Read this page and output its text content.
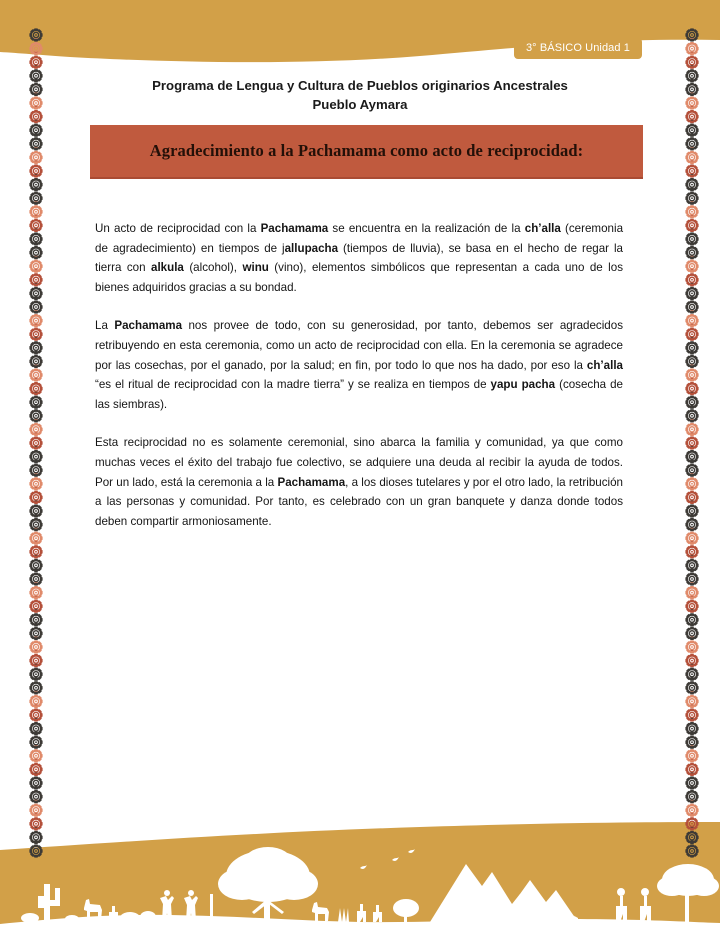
3° BÁSICO Unidad 1
Programa de Lengua y Cultura de Pueblos originarios Ancestrales
Pueblo Aymara
Agradecimiento a la Pachamama como acto de reciprocidad:

Un acto de reciprocidad con la Pachamama se encuentra en la realización de la ch’alla (ceremonia de agradecimiento) en tiempos de jallupacha (tiempos de lluvia), se basa en el hecho de regar la tierra con alkula (alcohol), winu (vino), elementos simbólicos que representan a cada uno de los bienes adquiridos gracias a su bondad.

La Pachamama nos provee de todo, con su generosidad, por tanto, debemos ser agradecidos retribuyendo en esta ceremonia, como un acto de reciprocidad con ella. En la ceremonia se agradece por las cosechas, por el ganado, por la salud; en fin, por todo lo que nos ha dado, por eso la ch’alla “es el ritual de reciprocidad con la madre tierra” y se realiza en tiempos de yapu pacha (cosecha de las siembras).

Esta reciprocidad no es solamente ceremonial, sino abarca la familia y comunidad, ya que como muchas veces el éxito del trabajo fue colectivo, se adquiere una deuda al recibir la ayuda de todos. Por un lado, está la ceremonia a la Pachamama, a los dioses tutelares y por el otro lado, la retribución a las personas y comunidad. Por tanto, es celebrado con un gran banquete y danza donde todos deben compartir armoniosamente.
